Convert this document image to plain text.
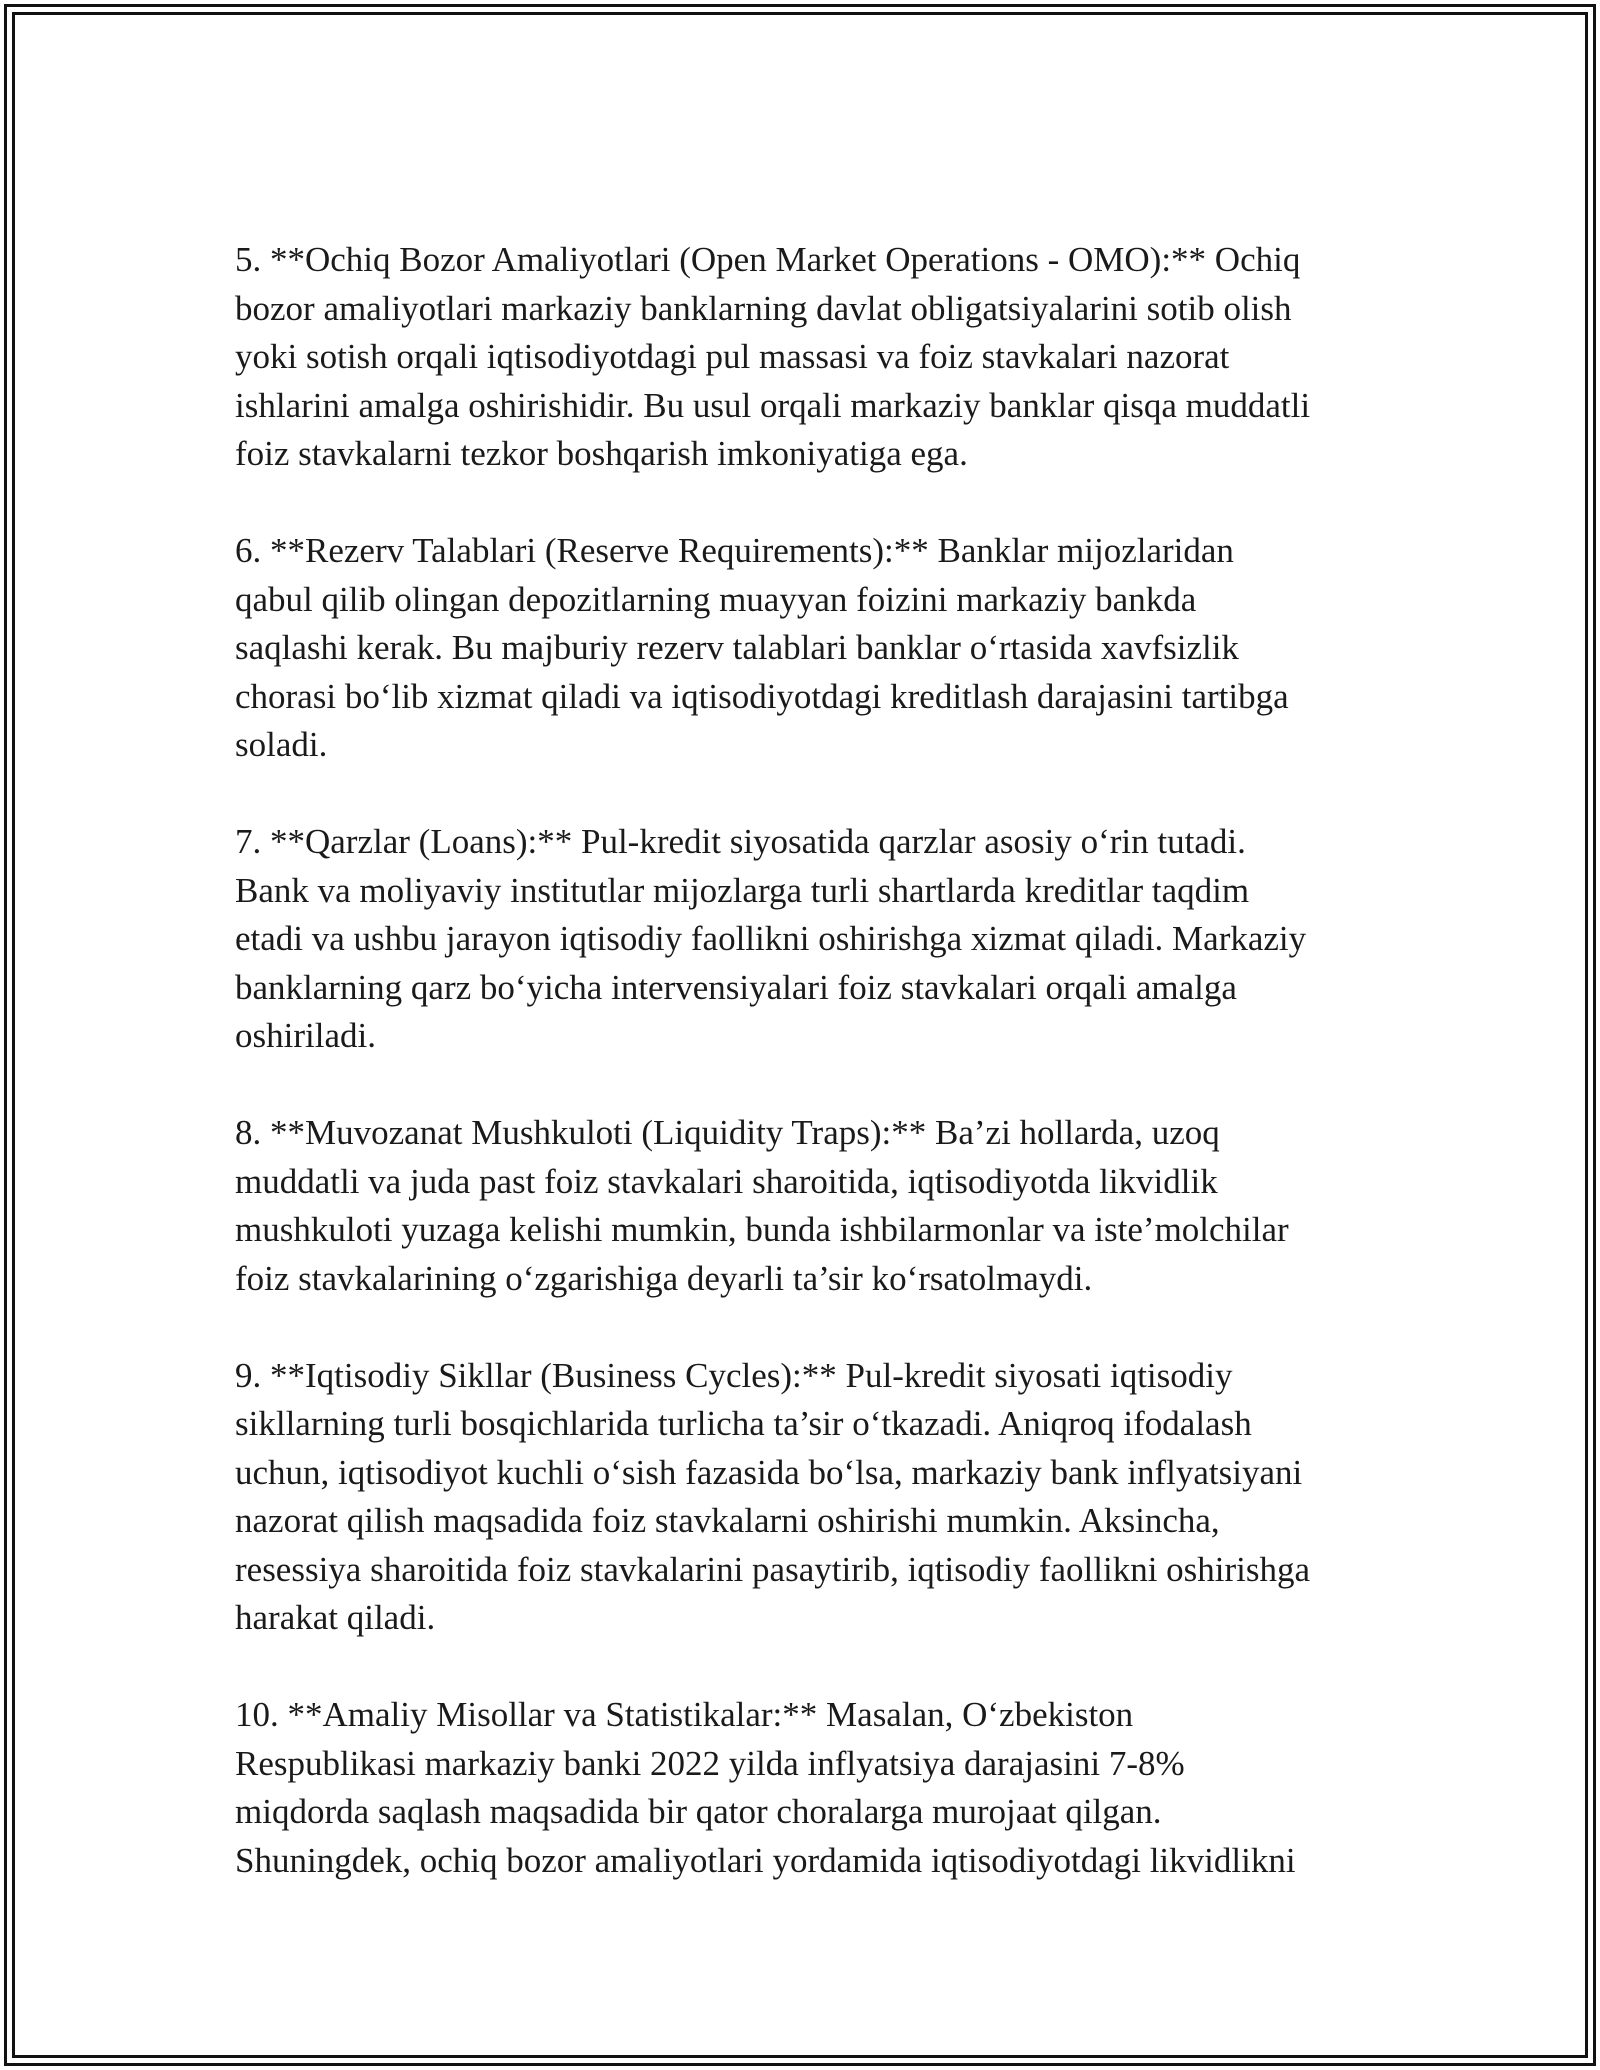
5. **Ochiq Bozor Amaliyotlari (Open Market Operations - OMO):** Ochiq
bozor amaliyotlari markaziy banklarning davlat obligatsiyalarini sotib olish
yoki sotish orqali iqtisodiyotdagi pul massasi va foiz stavkalari nazorat
ishlarini amalga oshirishidir. Bu usul orqali markaziy banklar qisqa muddatli
foiz stavkalarni tezkor boshqarish imkoniyatiga ega.

6. **Rezerv Talablari (Reserve Requirements):** Banklar mijozlaridan
qabul qilib olingan depozitlarning muayyan foizini markaziy bankda
saqlashi kerak. Bu majburiy rezerv talablari banklar o‘rtasida xavfsizlik
chorasi bo‘lib xizmat qiladi va iqtisodiyotdagi kreditlash darajasini tartibga
soladi.

7. **Qarzlar (Loans):** Pul-kredit siyosatida qarzlar asosiy o‘rin tutadi.
Bank va moliyaviy institutlar mijozlarga turli shartlarda kreditlar taqdim
etadi va ushbu jarayon iqtisodiy faollikni oshirishga xizmat qiladi. Markaziy
banklarning qarz bo‘yicha intervensiyalari foiz stavkalari orqali amalga
oshiriladi.

8. **Muvozanat Mushkuloti (Liquidity Traps):** Ba’zi hollarda, uzoq
muddatli va juda past foiz stavkalari sharoitida, iqtisodiyotda likvidlik
mushkuloti yuzaga kelishi mumkin, bunda ishbilarmonlar va iste’molchilar
foiz stavkalarining o‘zgarishiga deyarli ta’sir ko‘rsatolmaydi.

9. **Iqtisodiy Sikllar (Business Cycles):** Pul-kredit siyosati iqtisodiy
sikllarning turli bosqichlarida turlicha ta’sir o‘tkazadi. Aniqroq ifodalash
uchun, iqtisodiyot kuchli o‘sish fazasida bo‘lsa, markaziy bank inflyatsiyani
nazorat qilish maqsadida foiz stavkalarni oshirishi mumkin. Aksincha,
resessiya sharoitida foiz stavkalarini pasaytirib, iqtisodiy faollikni oshirishga
harakat qiladi.

10. **Amaliy Misollar va Statistikalar:** Masalan, O‘zbekiston
Respublikasi markaziy banki 2022 yilda inflyatsiya darajasini 7-8%
miqdorda saqlash maqsadida bir qator choralarga murojaat qilgan.
Shuningdek, ochiq bozor amaliyotlari yordamida iqtisodiyotdagi likvidlikni
